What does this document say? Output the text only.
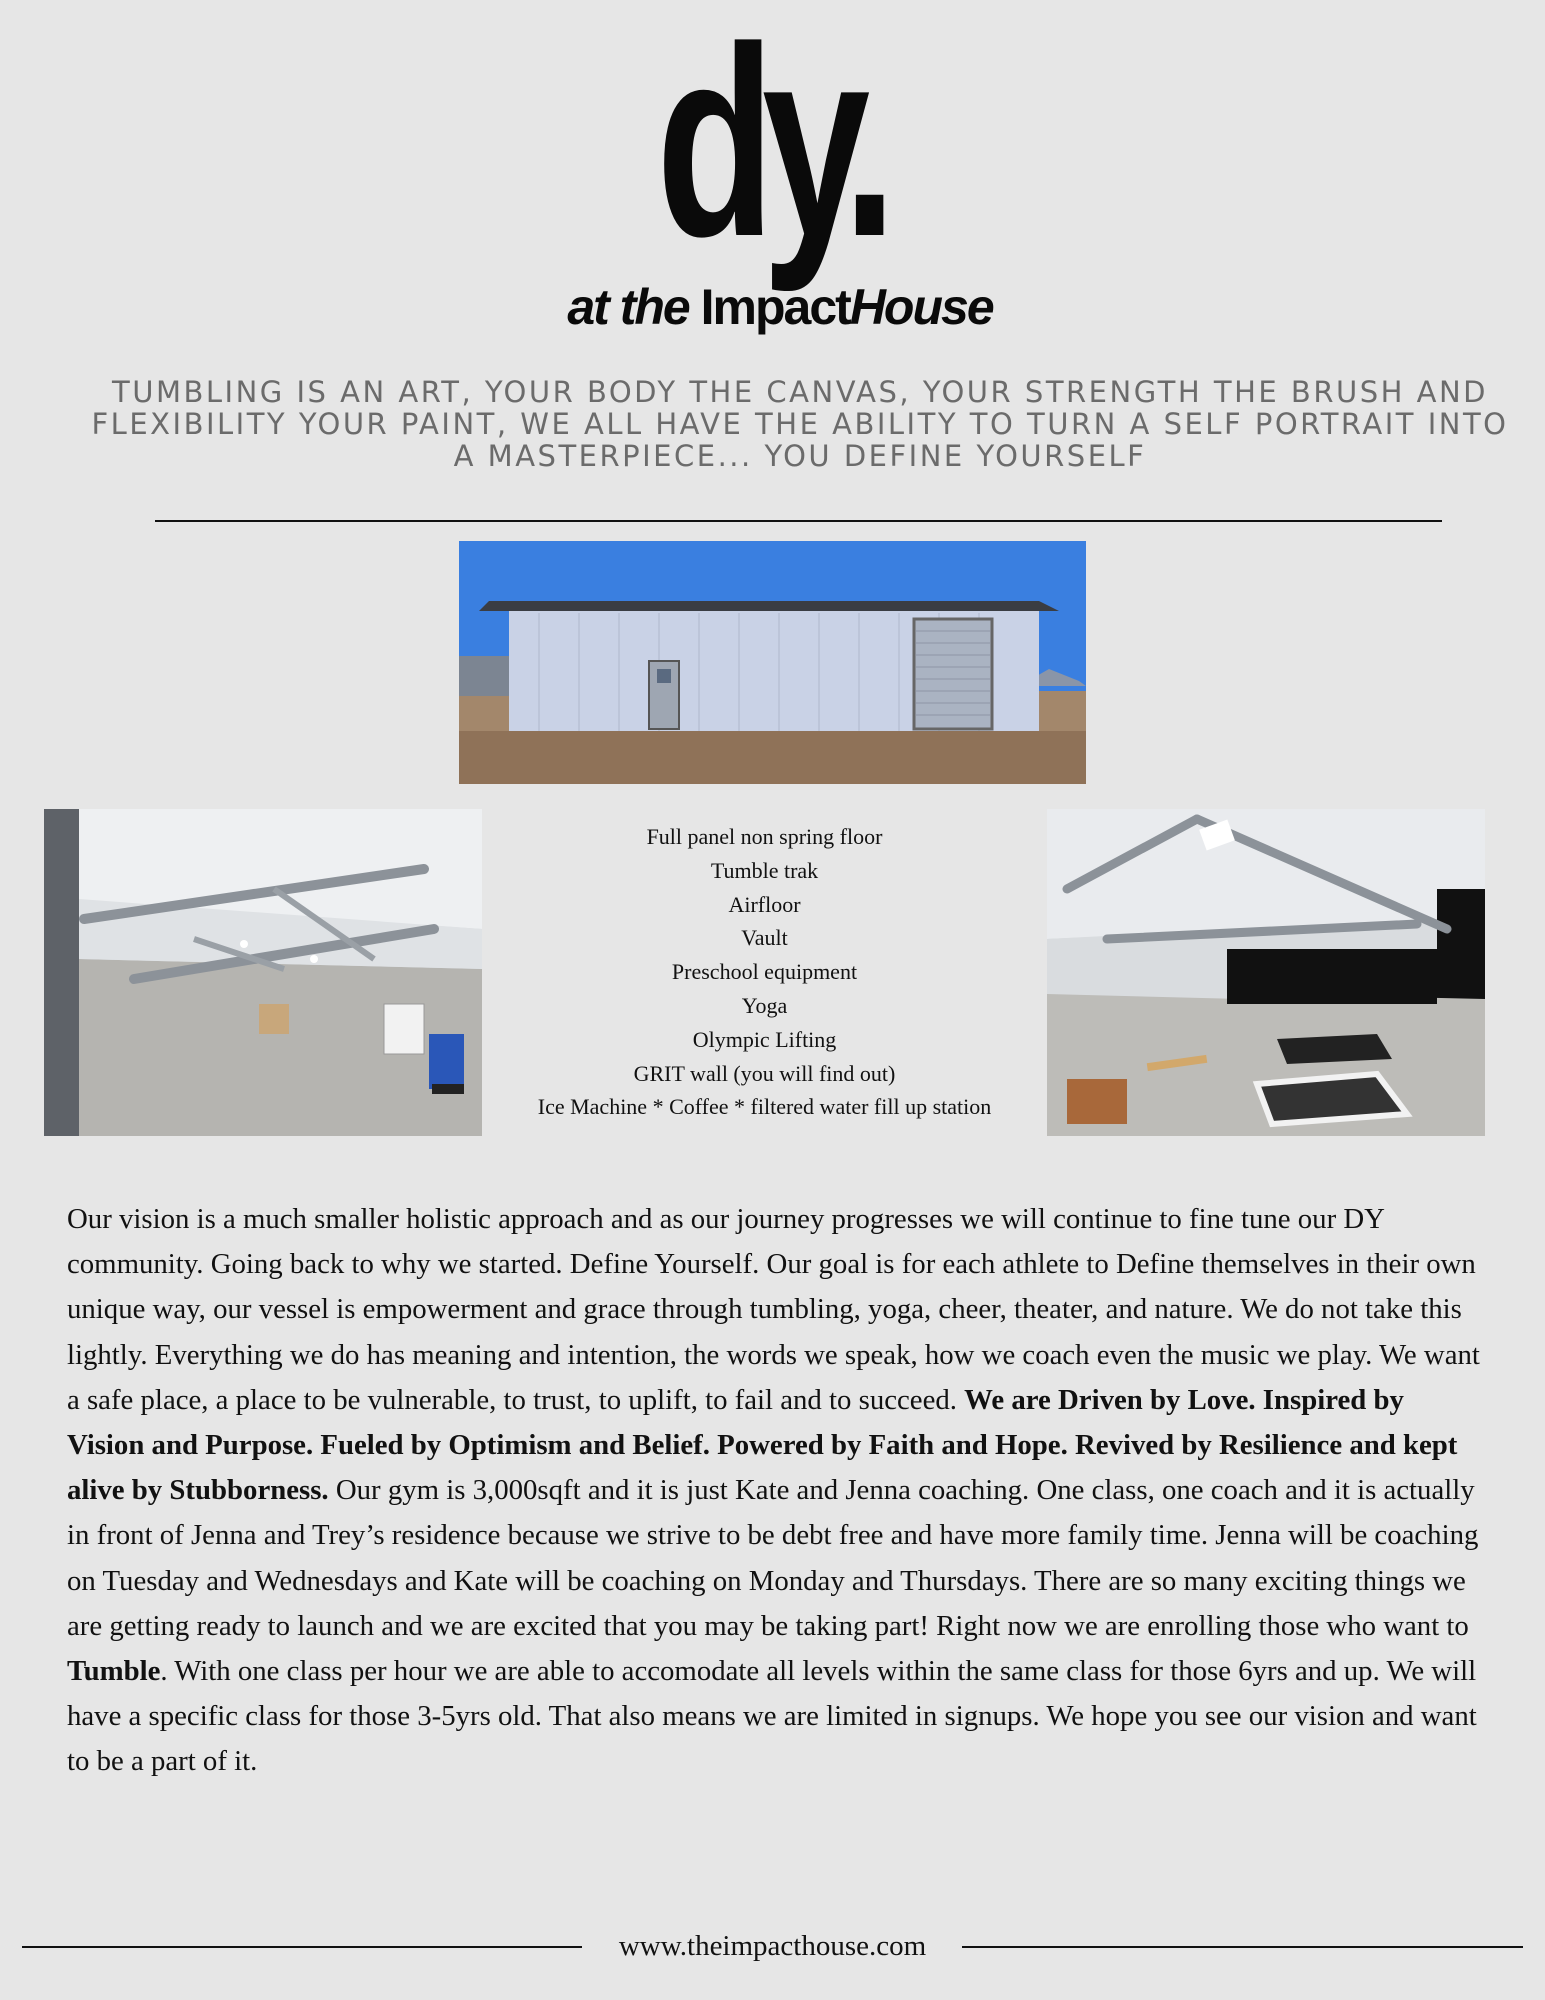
dy.
at the ImpactHouse
TUMBLING IS AN ART, YOUR BODY THE CANVAS, YOUR STRENGTH THE BRUSH AND FLEXIBILITY YOUR PAINT, WE ALL HAVE THE ABILITY TO TURN A SELF PORTRAIT INTO A MASTERPIECE... YOU DEFINE YOURSELF
Full panel non spring floor
Tumble trak
Airfloor
Vault
Preschool equipment
Yoga
Olympic Lifting
GRIT wall (you will find out)
Ice Machine * Coffee * filtered water fill up station

Our vision is a much smaller holistic approach and as our journey progresses we will continue to fine tune our DY community. Going back to why we started. Define Yourself. Our goal is for each athlete to Define themselves in their own unique way, our vessel is empowerment and grace through tumbling, yoga, cheer, theater, and nature. We do not take this lightly. Everything we do has meaning and intention, the words we speak, how we coach even the music we play. We want a safe place, a place to be vulnerable, to trust, to uplift, to fail and to succeed. We are Driven by Love. Inspired by Vision and Purpose. Fueled by Optimism and Belief. Powered by Faith and Hope. Revived by Resilience and kept alive by Stubborness. Our gym is 3,000sqft and it is just Kate and Jenna coaching. One class, one coach and it is actually in front of Jenna and Trey’s residence because we strive to be debt free and have more family time. Jenna will be coaching on Tuesday and Wednesdays and Kate will be coaching on Monday and Thursdays. There are so many exciting things we are getting ready to launch and we are excited that you may be taking part! Right now we are enrolling those who want to Tumble. With one class per hour we are able to accomodate all levels within the same class for those 6yrs and up. We will have a specific class for those 3-5yrs old. That also means we are limited in signups. We hope you see our vision and want to be a part of it.

www.theimpacthouse.com
